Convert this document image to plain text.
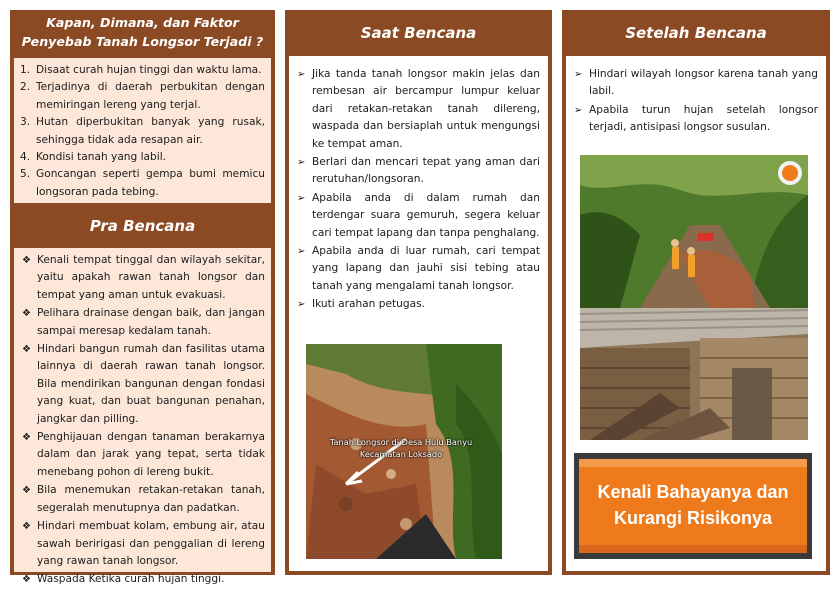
Kapan, Dimana, dan Faktor
Penyebab Tanah Longsor Terjadi ?
1. Disaat curah hujan tinggi dan waktu lama.
2. Terjadinya di daerah perbukitan dengan memiringan lereng yang terjal.
3. Hutan diperbukitan banyak yang rusak, sehingga tidak ada resapan air.
4. Kondisi tanah yang labil.
5. Goncangan seperti gempa bumi memicu longsoran pada tebing.
Pra Bencana
❖ Kenali tempat tinggal dan wilayah sekitar, yaitu apakah rawan tanah longsor dan tempat yang aman untuk evakuasi.
❖ Pelihara drainase dengan baik, dan jangan sampai meresap kedalam tanah.
❖ Hindari bangun rumah dan fasilitas utama lainnya di daerah rawan tanah longsor. Bila mendirikan bangunan dengan fondasi yang kuat, dan buat bangunan penahan, jangkar dan pilling.
❖ Penghijauan dengan tanaman berakarnya dalam dan jarak yang tepat, serta tidak menebang pohon di lereng bukit.
❖ Bila menemukan retakan-retakan tanah, segeralah menutupnya dan padatkan.
❖ Hindari membuat kolam, embung air, atau sawah beririgasi dan penggalian di lereng yang rawan tanah longsor.
❖ Waspada Ketika curah hujan tinggi.
Saat Bencana
➢ Jika tanda tanah longsor makin jelas dan rembesan air bercampur lumpur keluar dari retakan-retakan tanah dilereng, waspada dan bersiaplah untuk mengungsi ke tempat aman.
➢ Berlari dan mencari tepat yang aman dari rerutuhan/longsoran.
➢ Apabila anda di dalam rumah dan terdengar suara gemuruh, segera keluar cari tempat lapang dan tanpa penghalang.
➢ Apabila anda di luar rumah, cari tempat yang lapang dan jauhi sisi tebing atau tanah yang mengalami tanah longsor.
➢ Ikuti arahan petugas.
Tanah Longsor di Desa Hulu Banyu
Kecamatan Loksado
Setelah Bencana
➢ Hindari wilayah longsor karena tanah yang labil.
➢ Apabila turun hujan setelah longsor terjadi, antisipasi longsor susulan.
Kenali Bahayanya dan
Kurangi Risikonya
